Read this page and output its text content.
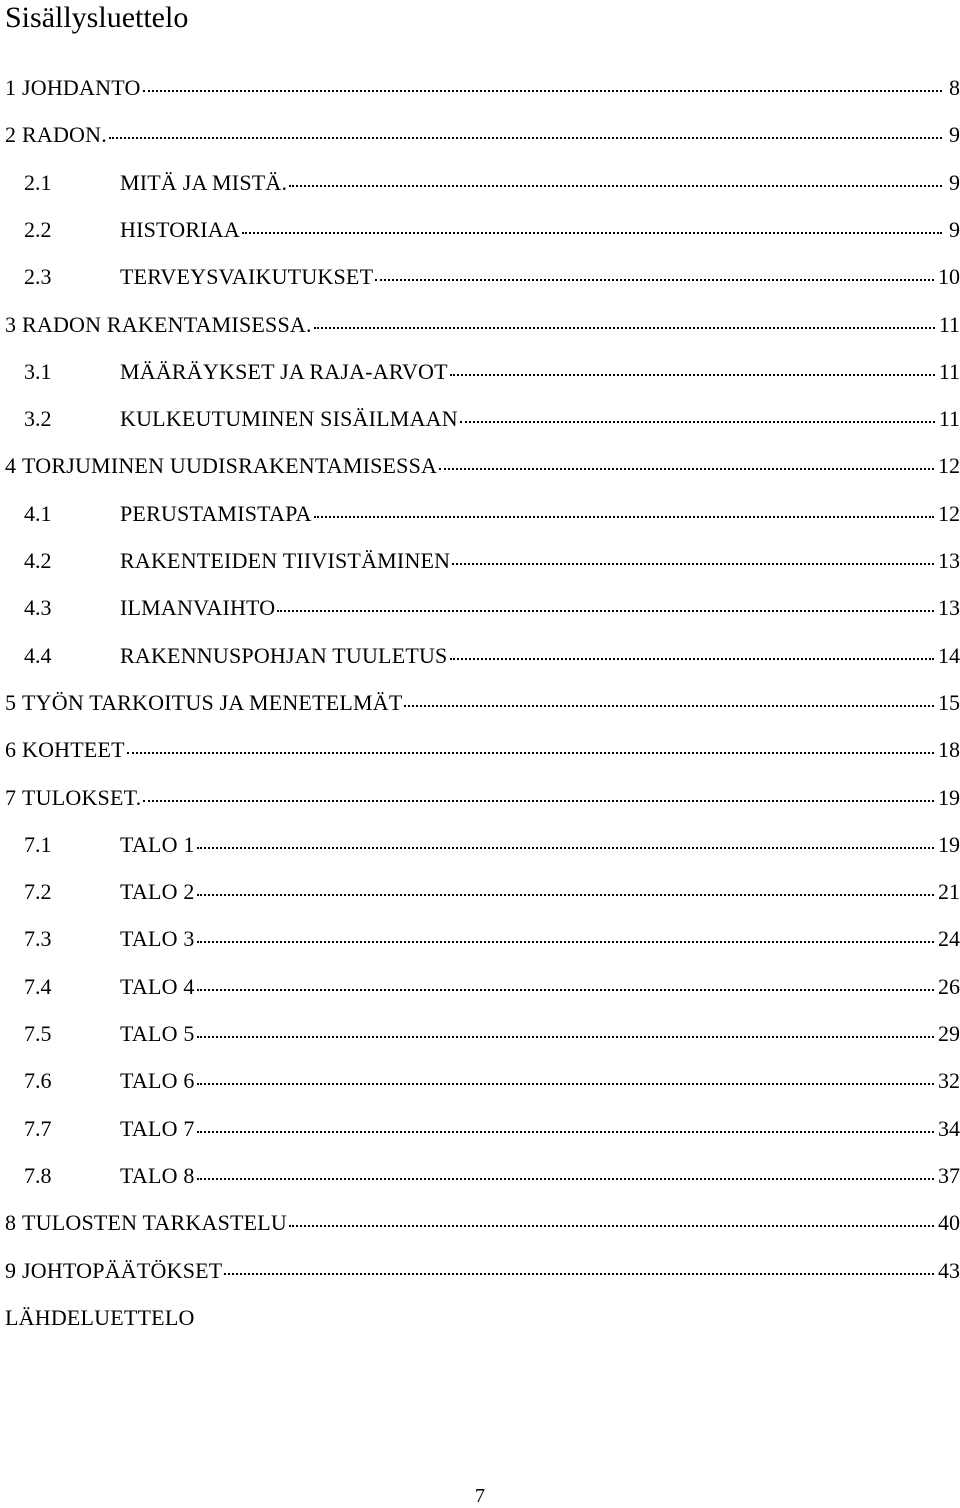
Sisällysluettelo
1 JOHDANTO	8
2 RADON.	9
2.1	MITÄ JA MISTÄ.	9
2.2	HISTORIAA	9
2.3	TERVEYSVAIKUTUKSET	10
3 RADON RAKENTAMISESSA.	11
3.1	MÄÄRÄYKSET JA RAJA-ARVOT	11
3.2	KULKEUTUMINEN SISÄILMAAN	11
4 TORJUMINEN UUDISRAKENTAMISESSA	12
4.1	PERUSTAMISTAPA	12
4.2	RAKENTEIDEN TIIVISTÄMINEN	13
4.3	ILMANVAIHTO	13
4.4	RAKENNUSPOHJAN TUULETUS	14
5 TYÖN TARKOITUS JA MENETELMÄT	15
6 KOHTEET	18
7 TULOKSET.	19
7.1	TALO 1	19
7.2	TALO 2	21
7.3	TALO 3	24
7.4	TALO 4	26
7.5	TALO 5	29
7.6	TALO 6	32
7.7	TALO 7	34
7.8	TALO 8	37
8 TULOSTEN TARKASTELU	40
9 JOHTOPÄÄTÖKSET	43
LÄHDELUETTELO
7
